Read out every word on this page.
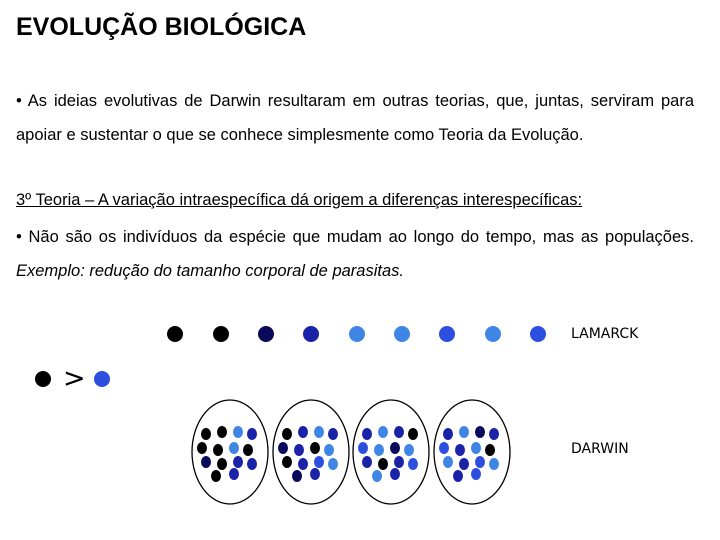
EVOLUÇÃO BIOLÓGICA
• As ideias evolutivas de Darwin resultaram em outras teorias, que, juntas, serviram para apoiar e sustentar o que se conhece simplesmente como Teoria da Evolução.
3º Teoria – A variação intraespecífica dá origem a diferenças interespecíficas:
• Não são os indivíduos da espécie que mudam ao longo do tempo, mas as populações. Exemplo: redução do tamanho corporal de parasitas.
LAMARCK
>
DARWIN
